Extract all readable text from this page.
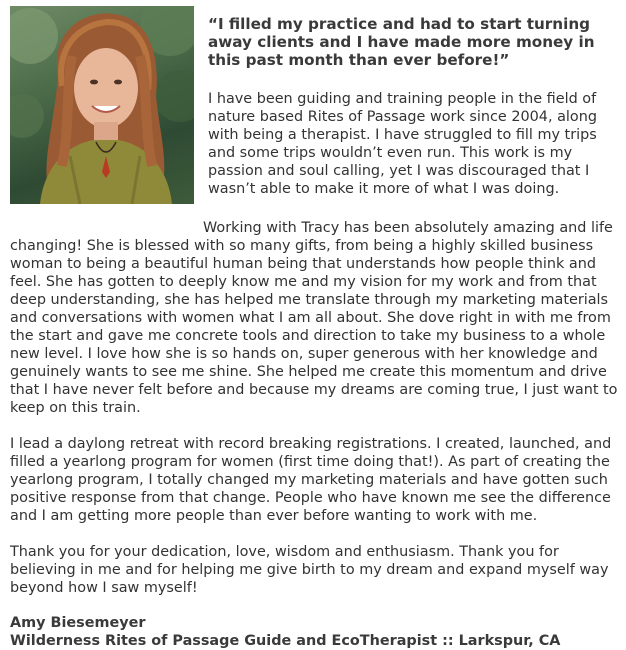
“I filled my practice and had to start turning away clients and I have made more money in this past month than ever before!”

I have been guiding and training people in the field of nature based Rites of Passage work since 2004, along with being a therapist. I have struggled to fill my trips and some trips wouldn’t even run. This work is my passion and soul calling, yet I was discouraged that I wasn’t able to make it more of what I was doing.

Working with Tracy has been absolutely amazing and life changing! She is blessed with so many gifts, from being a highly skilled business woman to being a beautiful human being that understands how people think and feel. She has gotten to deeply know me and my vision for my work and from that deep understanding, she has helped me translate through my marketing materials and conversations with women what I am all about. She dove right in with me from the start and gave me concrete tools and direction to take my business to a whole new level. I love how she is so hands on, super generous with her knowledge and genuinely wants to see me shine. She helped me create this momentum and drive that I have never felt before and because my dreams are coming true, I just want to keep on this train.

I lead a daylong retreat with record breaking registrations. I created, launched, and filled a yearlong program for women (first time doing that!). As part of creating the yearlong program, I totally changed my marketing materials and have gotten such positive response from that change. People who have known me see the difference and I am getting more people than ever before wanting to work with me.

Thank you for your dedication, love, wisdom and enthusiasm. Thank you for believing in me and for helping me give birth to my dream and expand myself way beyond how I saw myself!

Amy Biesemeyer
Wilderness Rites of Passage Guide and EcoTherapist :: Larkspur, CA
